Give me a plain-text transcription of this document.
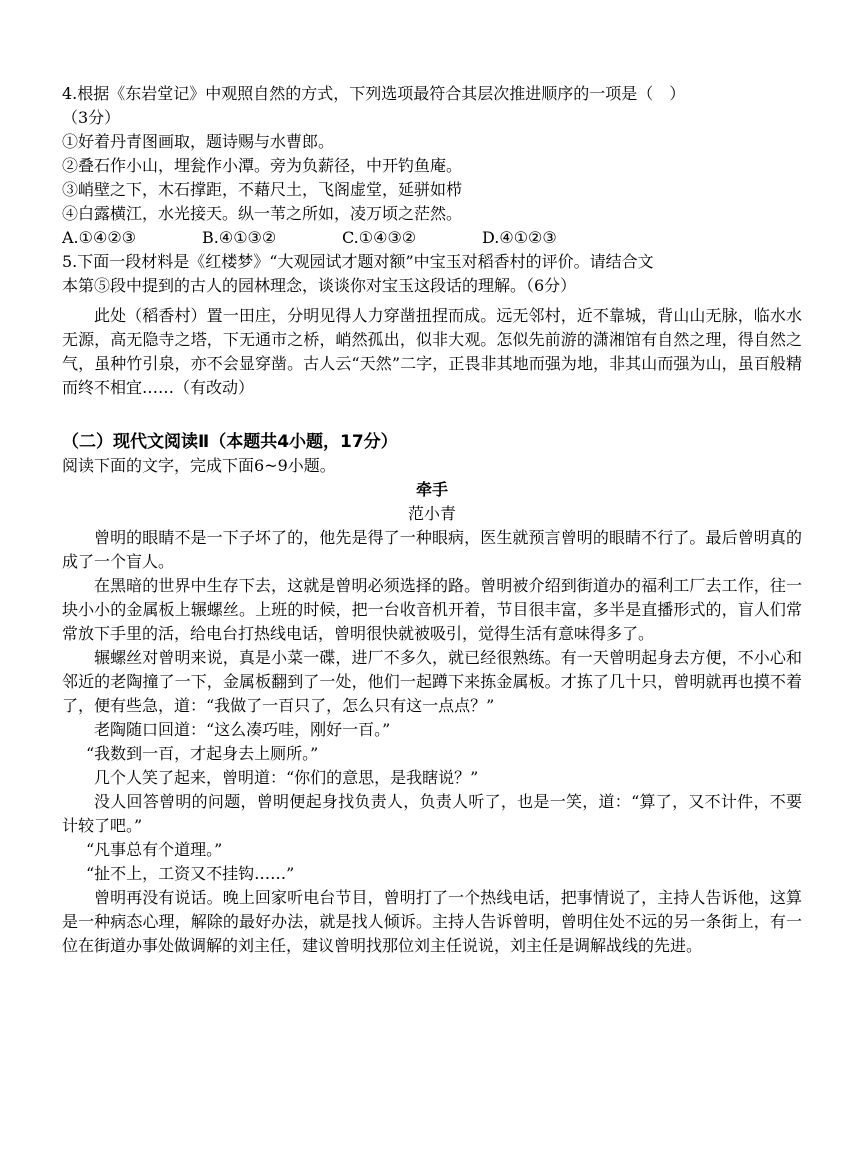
4.根据《东岩堂记》中观照自然的方式，下列选项最符合其层次推进顺序的一项是（　）

（3分）

①好着丹青图画取，题诗赐与水曹郎。

②叠石作小山，埋瓮作小潭。旁为负薪径，中开钓鱼庵。

③峭壁之下，木石撑距，不藉尺土，飞阁虚堂，延骈如栉

④白露横江，水光接天。纵一苇之所如，凌万顷之茫然。

A.①④②③	B.④①③②	C.①④③②	D.④①②③

5.下面一段材料是《红楼梦》“大观园试才题对额”中宝玉对稻香村的评价。请结合文

本第⑤段中提到的古人的园林理念，谈谈你对宝玉这段话的理解。（6分）

此处（稻香村）置一田庄，分明见得人力穿凿扭捏而成。远无邻村，近不靠城，背山山无脉，临水水无源，高无隐寺之塔，下无通市之桥，峭然孤出，似非大观。怎似先前游的潇湘馆有自然之理，得自然之气，虽种竹引泉，亦不会显穿凿。古人云“天然”二字，正畏非其地而强为地，非其山而强为山，虽百般精而终不相宜……（有改动）

（二）现代文阅读Ⅱ（本题共4小题，17分）

阅读下面的文字，完成下面6~9小题。

牵手

范小青

曾明的眼睛不是一下子坏了的，他先是得了一种眼病，医生就预言曾明的眼睛不行了。最后曾明真的成了一个盲人。

在黑暗的世界中生存下去，这就是曾明必须选择的路。曾明被介绍到街道办的福利工厂去工作，往一块小小的金属板上辗螺丝。上班的时候，把一台收音机开着，节目很丰富，多半是直播形式的，盲人们常常放下手里的活，给电台打热线电话，曾明很快就被吸引，觉得生活有意味得多了。

辗螺丝对曾明来说，真是小菜一碟，进厂不多久，就已经很熟练。有一天曾明起身去方便，不小心和邻近的老陶撞了一下，金属板翻到了一处，他们一起蹲下来拣金属板。才拣了几十只，曾明就再也摸不着了，便有些急，道：“我做了一百只了，怎么只有这一点点？”

老陶随口回道：“这么凑巧哇，刚好一百。”

“我数到一百，才起身去上厕所。”

几个人笑了起来，曾明道：“你们的意思，是我瞎说？”

没人回答曾明的问题，曾明便起身找负责人，负责人听了，也是一笑，道：“算了，又不计件，不要计较了吧。”

“凡事总有个道理。”

“扯不上，工资又不挂钩……”

曾明再没有说话。晚上回家听电台节目，曾明打了一个热线电话，把事情说了，主持人告诉他，这算是一种病态心理，解除的最好办法，就是找人倾诉。主持人告诉曾明，曾明住处不远的另一条街上，有一位在街道办事处做调解的刘主任，建议曾明找那位刘主任说说，刘主任是调解战线的先进。
